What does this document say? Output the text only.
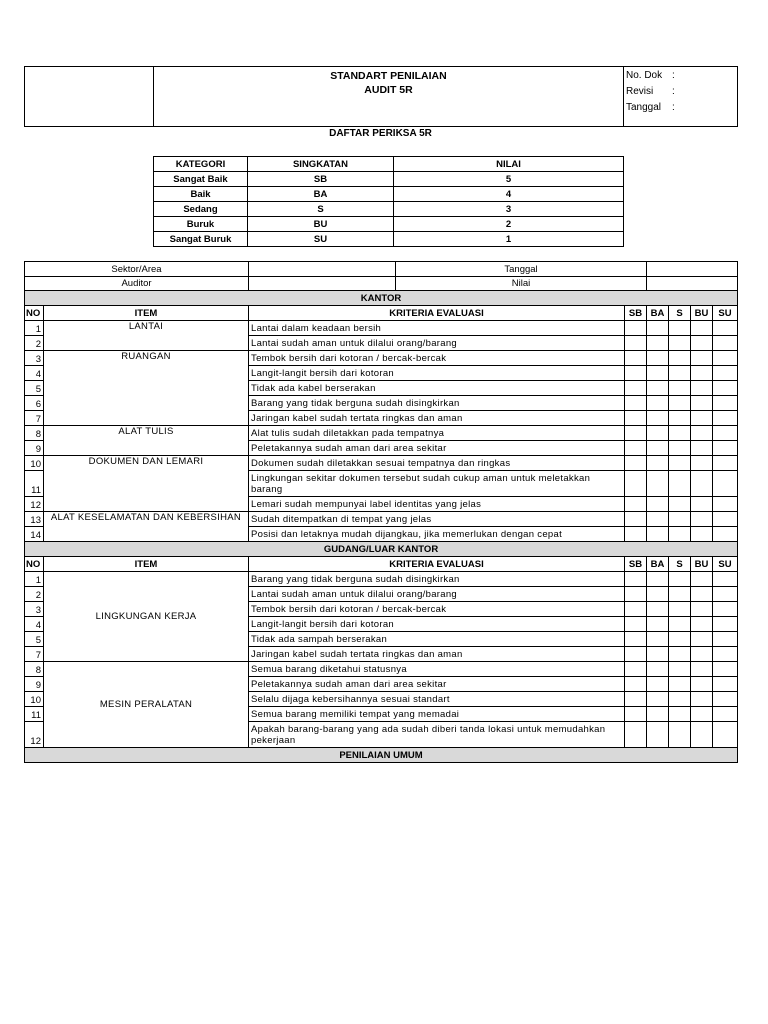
STANDART PENILAIAN
AUDIT 5R

No. Dok :
Revisi :
Tanggal :
DAFTAR PERIKSA 5R
KATEGORI	SINGKATAN	NILAI
Sangat Baik	SB	5
Baik	BA	4
Sedang	S	3
Buruk	BU	2
Sangat Buruk	SU	1
Sektor/Area			Tanggal					
Auditor			Nilai					
KANTOR								
NO	ITEM	KRITERIA EVALUASI		SB	BA	S	BU	SU
1	LANTAI	Lantai dalam keadaan bersih						
2		Lantai sudah aman untuk dilalui orang/barang						
3	RUANGAN	Tembok bersih dari kotoran / bercak-bercak						
4		Langit-langit bersih dari kotoran						
5		Tidak ada kabel berserakan						
6		Barang yang tidak berguna sudah disingkirkan						
7		Jaringan kabel sudah tertata ringkas dan aman						
8	ALAT TULIS	Alat tulis sudah diletakkan pada tempatnya						
9		Peletakannya sudah aman dari area sekitar						
10	DOKUMEN DAN LEMARI	Dokumen sudah diletakkan sesuai tempatnya dan ringkas						
11		Lingkungan sekitar dokumen tersebut sudah cukup aman untuk meletakkan barang						
12		Lemari sudah mempunyai label identitas yang jelas						
13	ALAT KESELAMATAN DAN KEBERSIHAN	Sudah ditempatkan di tempat yang jelas						
14		Posisi dan letaknya mudah dijangkau, jika memerlukan dengan cepat						
GUDANG/LUAR KANTOR								
NO	ITEM	KRITERIA EVALUASI		SB	BA	S	BU	SU
1	LINGKUNGAN KERJA	Barang yang tidak berguna sudah disingkirkan						
2		Lantai sudah aman untuk dilalui orang/barang						
3		Tembok bersih dari kotoran / bercak-bercak						
4		Langit-langit bersih dari kotoran						
5		Tidak ada sampah berserakan						
7		Jaringan kabel sudah tertata ringkas dan aman						
8	MESIN PERALATAN	Semua barang diketahui statusnya						
9		Peletakannya sudah aman dari area sekitar						
10		Selalu dijaga kebersihannya sesuai standart						
11		Semua barang memiliki tempat yang memadai						
12		Apakah barang-barang yang ada sudah diberi tanda lokasi untuk memudahkan pekerjaan						
PENILAIAN UMUM								
